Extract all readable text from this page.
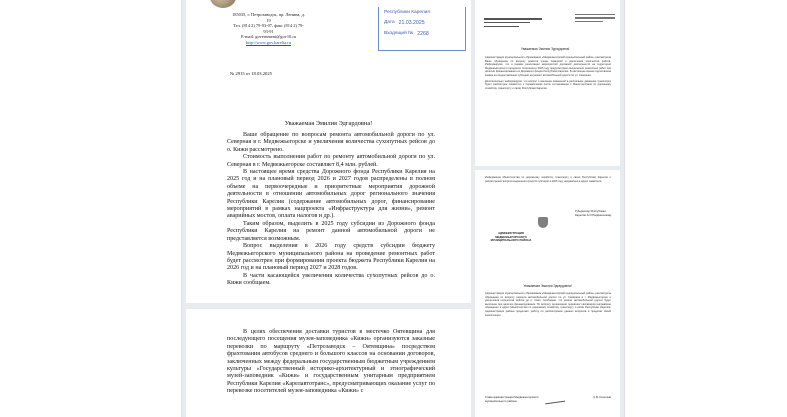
185035, г. Петрозаводск, пр. Ленина, д. 19
Тел. (814 2) 79-93-07, факс (814 2) 79-93-91
E-mail: government@gov10.ru
http://www.gov.karelia.ru
Республики Карелия
Дата 21.03.2025
Входящий № 2268
№ 2915 от 18.03.2025
Уважаемая Эмилия Эдгардовна!

Ваше обращение по вопросам ремонта автомобильной дороги по ул. Северная в г. Медвежьегорске и увеличения количества сухопутных рейсов до о. Кижи рассмотрено.

Стоимость выполнения работ по ремонту автомобильной дороги по ул. Северная в г. Медвежьегорске составляет 8,4 млн. рублей.

В настоящее время средства Дорожного фонда Республики Карелия на 2025 год и на плановый период 2026 и 2027 годов распределены в полном объеме на первоочередные и приоритетные мероприятия дорожной деятельности в отношении автомобильных дорог регионального значения Республики Карелия (содержание автомобильных дорог, финансирование мероприятий в рамках нацпроекта «Инфраструктура для жизни», ремонт аварийных мостов, оплата налогов и др.).

Таким образом, выделить в 2025 году субсидии из Дорожного фонда Республики Карелия на ремонт данной автомобильной дороги не представляется возможным.

Вопрос выделения в 2026 году средств субсидии бюджету Медвежьегорского муниципального района на проведение ремонтных работ будет рассмотрен при формировании проекта бюджета Республики Карелия на 2026 год и на плановый период 2027 и 2028 годов.

В части касающейся увеличения количества сухопутных рейсов до о. Кижи сообщаем.

В целях обеспечения доставки туристов в местечко Оятевщина для последующего посещения музея-заповедника «Кижи» организуются заказные перевозки по маршруту «Петрозаводск – Оятевщина» посредством фрахтования автобусов среднего и большого классов на основании договоров, заключенных между федеральным государственным бюджетным учреждением культуры «Государственный историко-архитектурный и этнографический музей-заповедник «Кижи» и государственным унитарным предприятием Республики Карелия «Карелавтотранс», предусматривающих оказание услуг по перевозке посетителей музея-заповедника «Кижи» с

Уважаемая Эмилия Эдгардовна!

Администрация муниципального образования «Медвежьегорский муниципальный район» рассмотрела Ваше обращение по вопросу ремонта улицы Северной и увеличения количества рейсов. Информируем, что в рамках реализации мероприятий дорожной деятельности на территории Медвежьегорского городского поселения в 2025 году предусмотрено выполнение ремонтных работ при наличии финансирования из Дорожного фонда Республики Карелия. В настоящее время подготовлена заявка на предоставление субсидии на ремонт автомобильной дороги по ул. Северная.

Дополнительно информируем, что вопрос о внесении изменений в расписание движения транспорта будет рассмотрен совместно с перевозчиком после согласования с Министерством по дорожному хозяйству, транспорту и связи Республики Карелия.

Информация Министерства по дорожному хозяйству, транспорту и связи Республики Карелия о рассмотрении вопроса выделения средств субсидии в 2026 году направлена в адрес заявителя.
АДМИНИСТРАЦИЯ МЕДВЕЖЬЕГОРСКОГО МУНИЦИПАЛЬНОГО РАЙОНА
Губернатор Республики Карелия А.О.Парфенчикову
Уважаемая Эмилия Эдгардовна!
Администрация муниципального образования «Медвежьегорский муниципальный район» рассмотрела обращение по вопросу ремонта автомобильной дороги по ул. Северная в г. Медвежьегорске и увеличения количества рейсов до о. Кижи. Сообщаем, что ремонт автомобильной дороги будет выполнен при наличии финансирования. По вопросу организации перевозок пассажиров направлено обращение в адрес Министерства по дорожному хозяйству, транспорту и связи Республики Карелия. Администрация района продолжит работу по рассмотрению данных вопросов в пределах своей компетенции.
Глава администрации Медвежьегорского муниципального района
С.В. Кочетков
